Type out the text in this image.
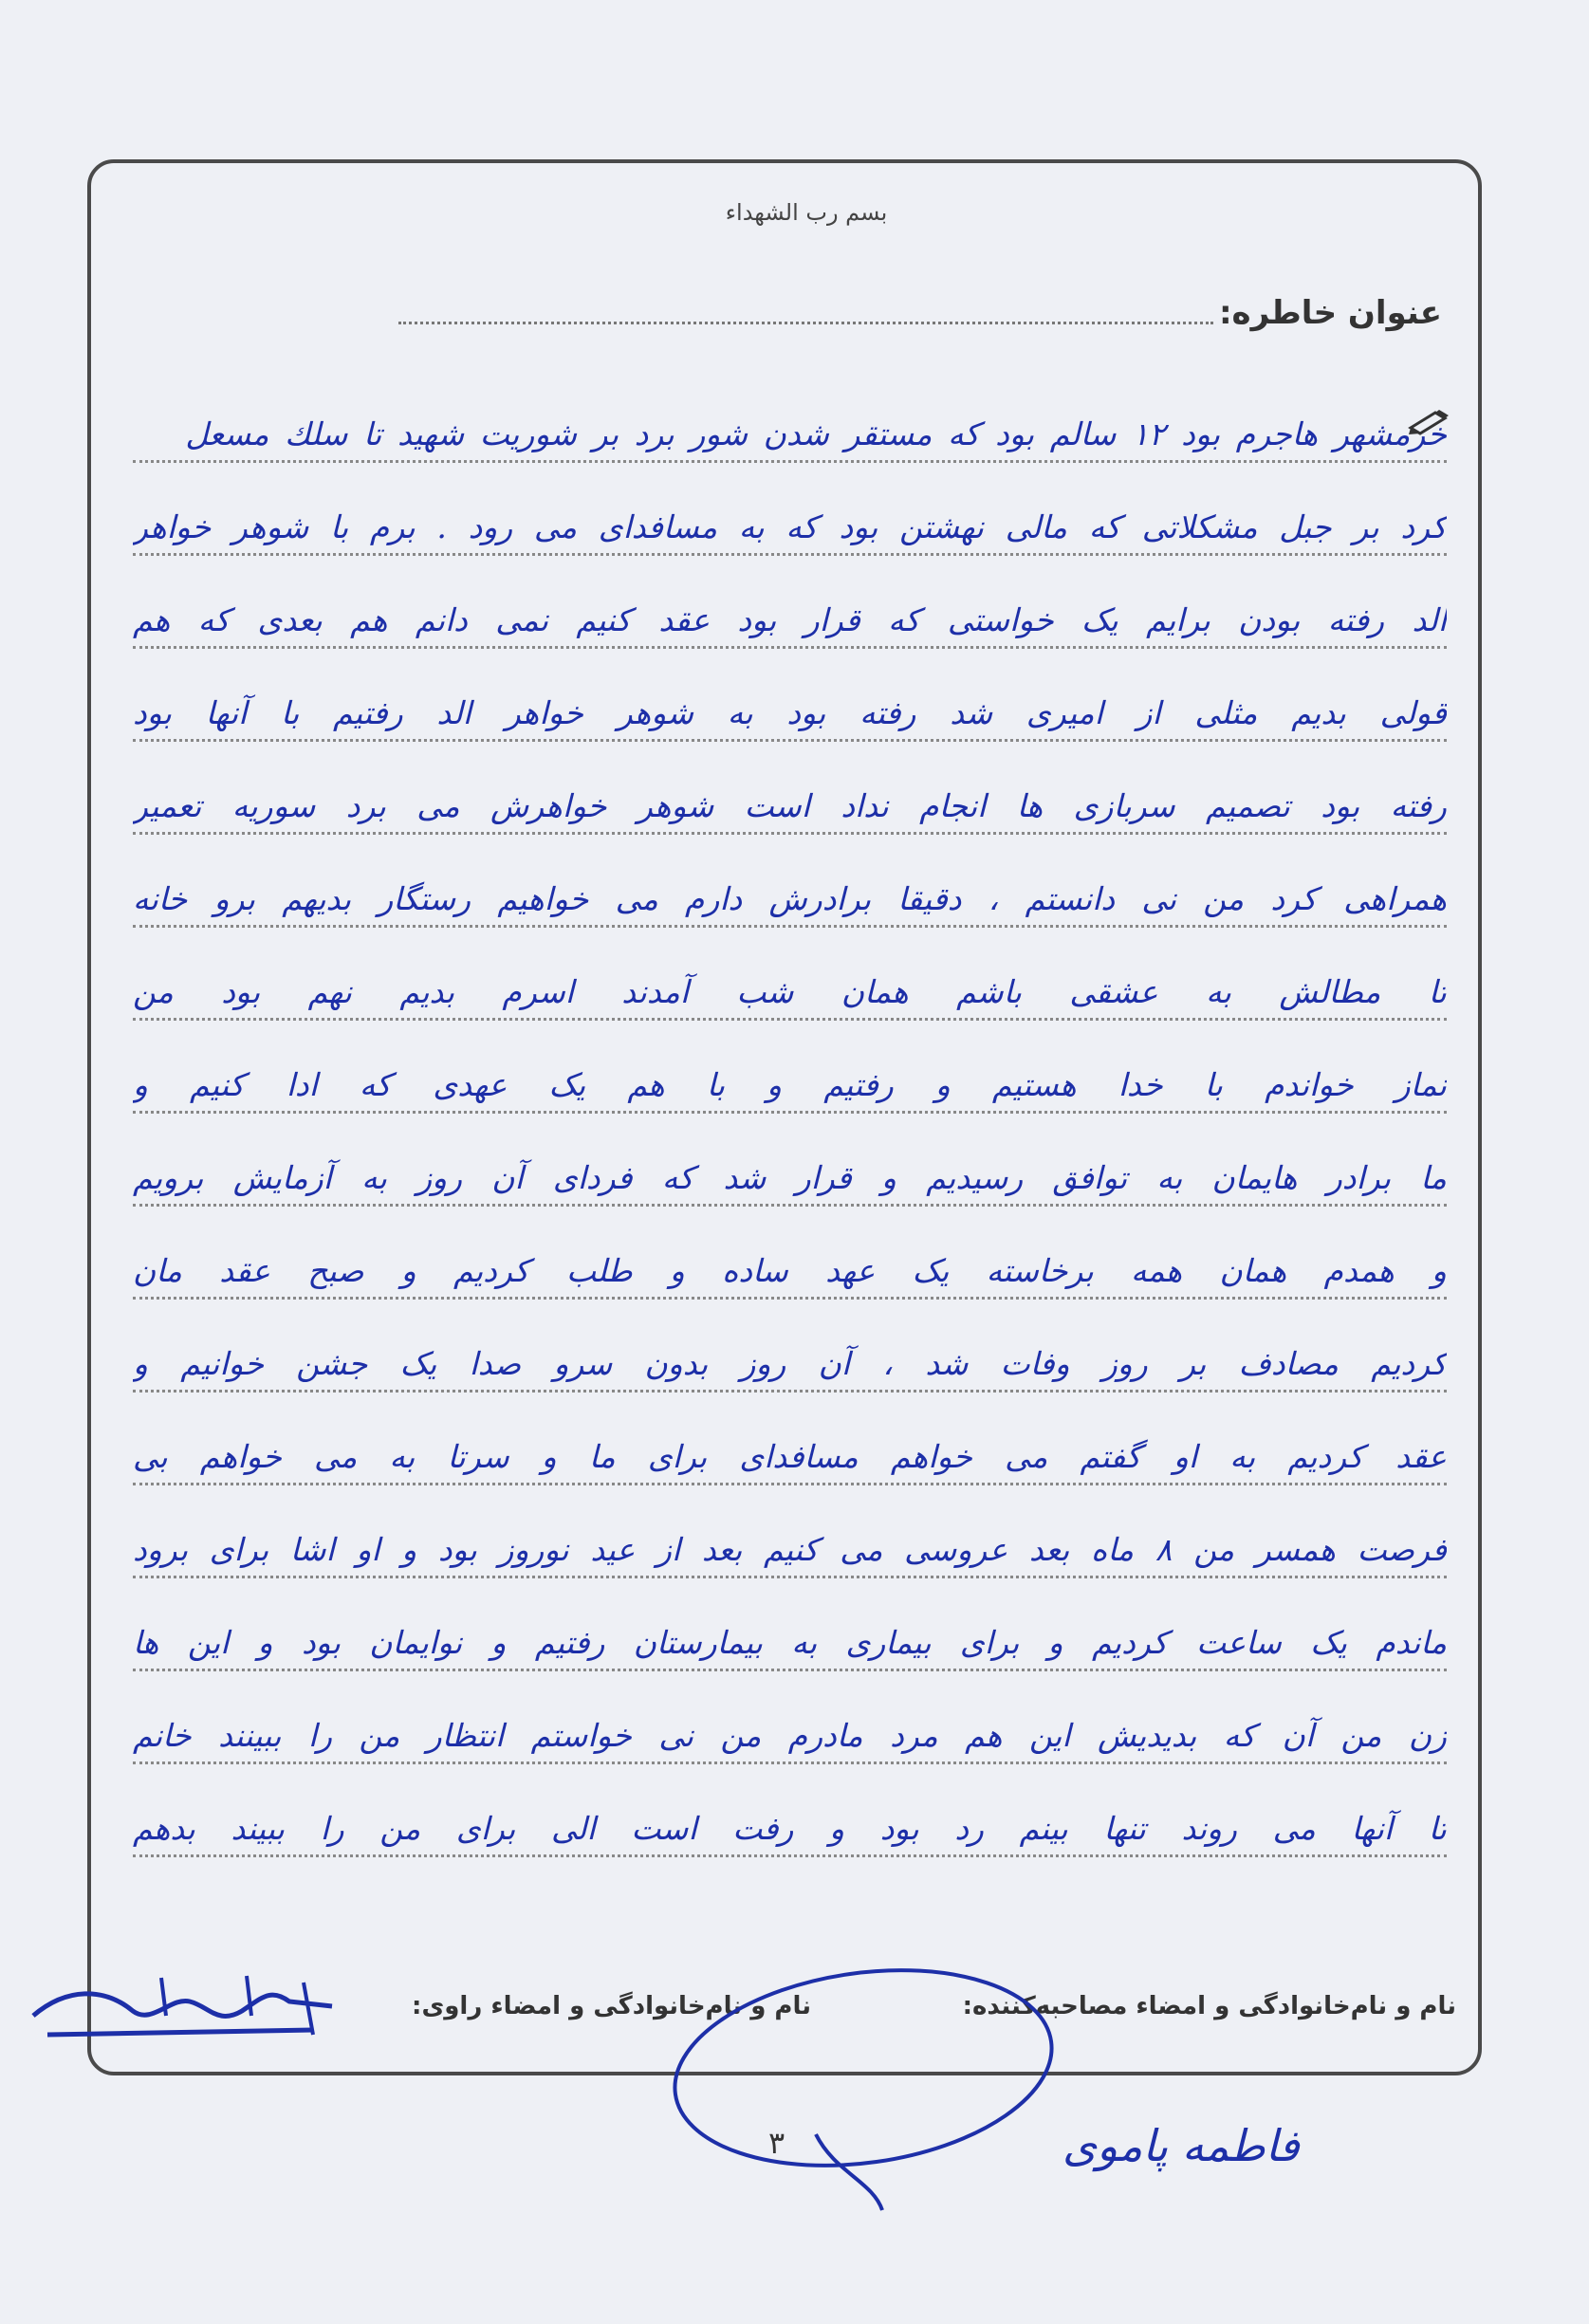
بسم رب الشهداء
عنوان خاطره:
خرمشهر هاجرم بود ۱۲ سالم بود که مستقر شدن شور برد بر شوریت شهید تا سلك مسعل
کرد بر جبل مشکلاتی که مالی نهشتن بود که به مسافدای می رود . برم با شوهر خواهر
الد رفته بودن برایم یک خواستی که قرار بود عقد کنیم نمی دانم هم بعدی که هم
قولی بدیم مثلی از امیری شد رفته بود به شوهر خواهر الد رفتیم با آنها بود
رفته بود تصمیم سربازی ها انجام نداد است شوهر خواهرش می برد سوریه تعمیر
همراهی کرد من نی دانستم ، دقیقا برادرش دارم می خواهیم رستگار بدیهم برو خانه
تا مطالش به عشقی باشم همان شب آمدند اسرم بدیم نهم بود من
نماز خواندم با خدا هستیم و رفتیم و با هم یک عهدی که ادا کنیم و
ما برادر هایمان به توافق رسیدیم و قرار شد که فردای آن روز به آزمایش برویم
و همدم همان همه برخاسته یک عهد ساده و طلب کردیم و صبح عقد مان
کردیم مصادف بر روز وفات شد ، آن روز بدون سرو صدا یک جشن خوانیم و
عقد کردیم به او گفتم می خواهم مسافدای برای ما و سرتا به می خواهم بی
فرصت همسر من ۸ ماه بعد عروسی می کنیم بعد از عید نوروز بود و او اشا برای برود
ماندم یک ساعت کردیم و برای بیماری به بیمارستان رفتیم و نوایمان بود و این ها
زن من آن که بدیدیش این هم مرد مادرم من نی خواستم انتظار من را ببینند خانم
تا آنها می روند تنها بینم رد بود و رفت است الی برای من را ببیند بدهم
نام و نام‌خانوادگی و امضاء مصاحبه‌کننده:
نام و نام‌خانوادگی و امضاء راوی:
فاطمه پاموی
۳
